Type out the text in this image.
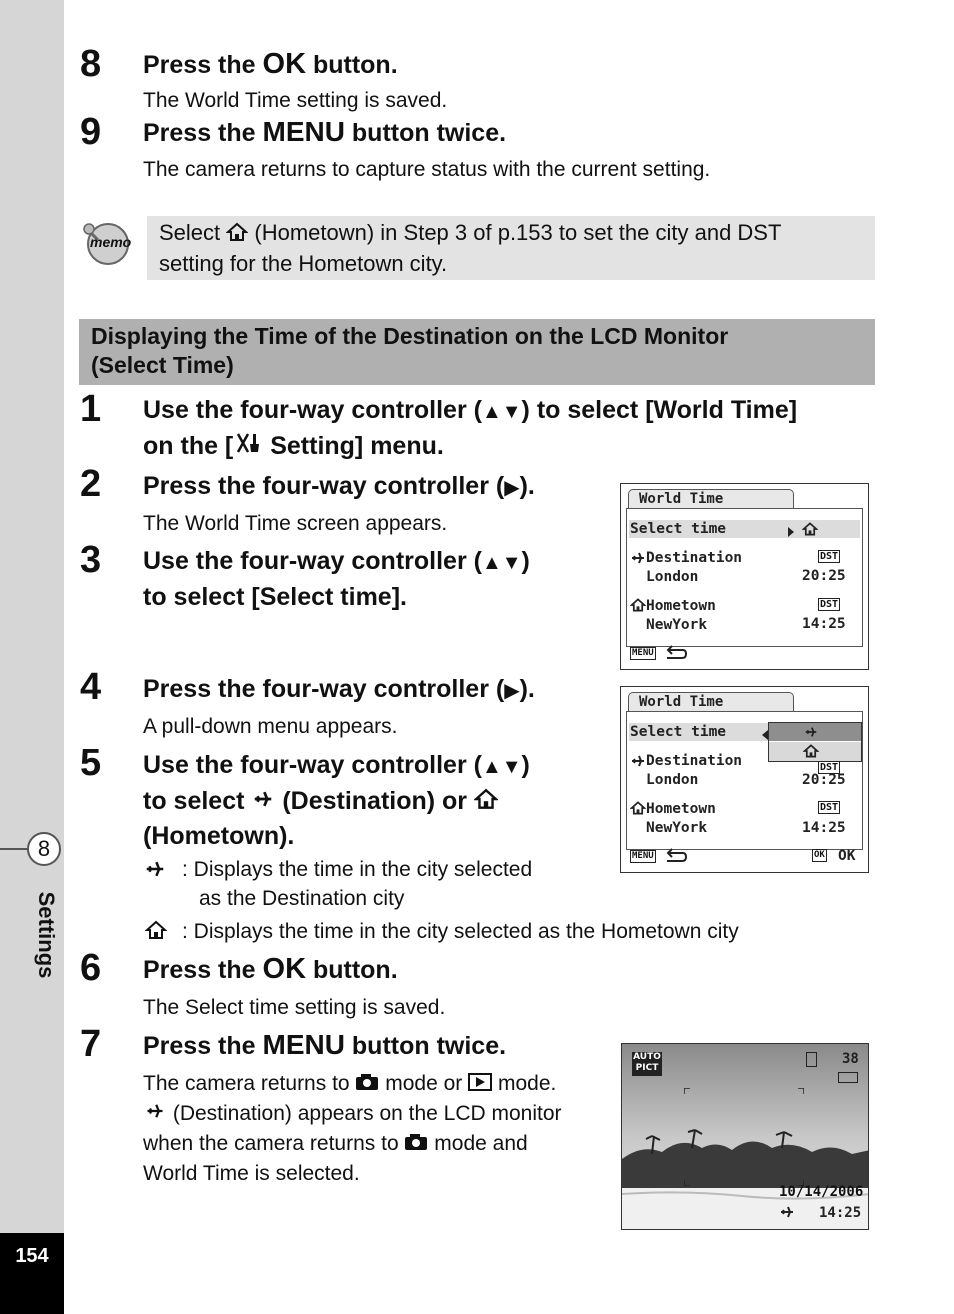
8
Settings
154
8 Press the OK button.
The World Time setting is saved.
9 Press the MENU button twice.
The camera returns to capture status with the current setting.
memo Select  (Hometown) in Step 3 of p.153 to set the city and DST
setting for the Hometown city.
Displaying the Time of the Destination on the LCD Monitor
(Select Time)
1 Use the four-way controller (▲▼) to select [World Time]
on the [ Setting] menu.
2 Press the four-way controller (▶).
The World Time screen appears.
3 Use the four-way controller (▲▼)
to select [Select time].
World Time
Select time
Destination	DST
London	20:25
Hometown	DST
NewYork	14:25
MENU
4 Press the four-way controller (▶).
A pull-down menu appears.
5 Use the four-way controller (▲▼)
to select  (Destination) or
(Hometown).
: Displays the time in the city selected
as the Destination city
: Displays the time in the city selected as the Hometown city
World Time
Select time
Destination	DST
London	20:25
Hometown	DST
NewYork	14:25
MENU	OK OK
6 Press the OK button.
The Select time setting is saved.
7 Press the MENU button twice.
The camera returns to  mode or  mode.
(Destination) appears on the LCD monitor
when the camera returns to  mode and
World Time is selected.
AUTO
PICT
38
10/14/2006
14:25
